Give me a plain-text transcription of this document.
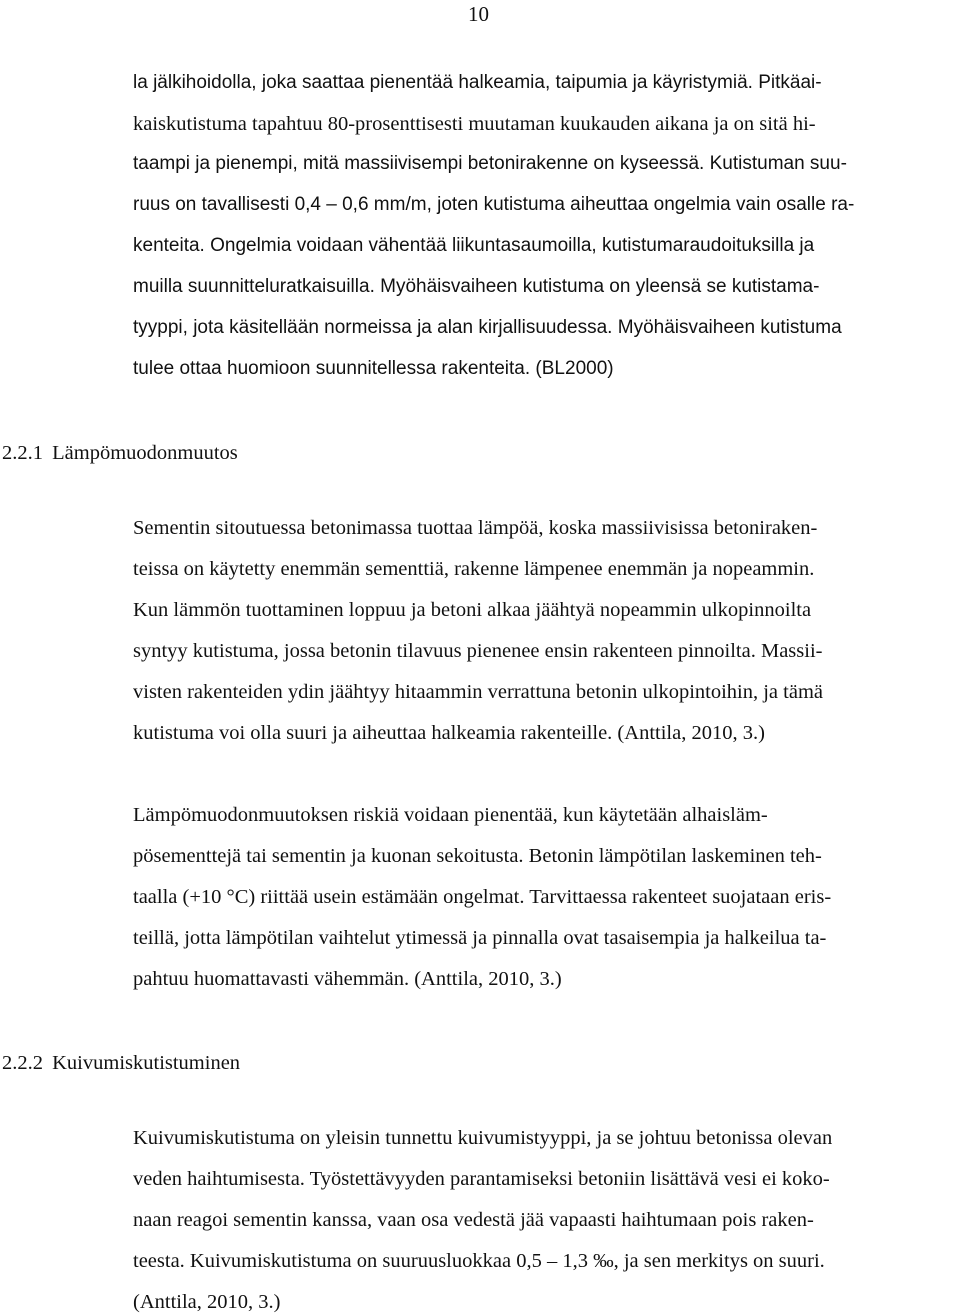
10
la jälkihoidolla, joka saattaa pienentää halkeamia, taipumia ja käyristymiä. Pitkäai-
kaiskutistuma tapahtuu 80-prosenttisesti muutaman kuukauden aikana ja on sitä hi-
taampi ja pienempi, mitä massiivisempi betonirakenne on kyseessä. Kutistuman suu-
ruus on tavallisesti 0,4 – 0,6 mm/m, joten kutistuma aiheuttaa ongelmia vain osalle ra-
kenteita. Ongelmia voidaan vähentää liikuntasaumoilla, kutistumaraudoituksilla ja
muilla suunnitteluratkaisuilla. Myöhäisvaiheen kutistuma on yleensä se kutistama-
tyyppi, jota käsitellään normeissa ja alan kirjallisuudessa. Myöhäisvaiheen kutistuma
tulee ottaa huomioon suunnitellessa rakenteita. (BL2000)
2.2.1 Lämpömuodonmuutos
Sementin sitoutuessa betonimassa tuottaa lämpöä, koska massiivisissa betoniraken-
teissa on käytetty enemmän sementtiä, rakenne lämpenee enemmän ja nopeammin.
Kun lämmön tuottaminen loppuu ja betoni alkaa jäähtyä nopeammin ulkopinnoilta
syntyy kutistuma, jossa betonin tilavuus pienenee ensin rakenteen pinnoilta. Massii-
visten rakenteiden ydin jäähtyy hitaammin verrattuna betonin ulkopintoihin, ja tämä
kutistuma voi olla suuri ja aiheuttaa halkeamia rakenteille. (Anttila, 2010, 3.)
Lämpömuodonmuutoksen riskiä voidaan pienentää, kun käytetään alhaisläm-
pösementtejä tai sementin ja kuonan sekoitusta. Betonin lämpötilan laskeminen teh-
taalla (+10 °C) riittää usein estämään ongelmat. Tarvittaessa rakenteet suojataan eris-
teillä, jotta lämpötilan vaihtelut ytimessä ja pinnalla ovat tasaisempia ja halkeilua ta-
pahtuu huomattavasti vähemmän. (Anttila, 2010, 3.)
2.2.2 Kuivumiskutistuminen
Kuivumiskutistuma on yleisin tunnettu kuivumistyyppi, ja se johtuu betonissa olevan
veden haihtumisesta. Työstettävyyden parantamiseksi betoniin lisättävä vesi ei koko-
naan reagoi sementin kanssa, vaan osa vedestä jää vapaasti haihtumaan pois raken-
teesta. Kuivumiskutistuma on suuruusluokkaa 0,5 – 1,3 ‰, ja sen merkitys on suuri.
(Anttila, 2010, 3.)
